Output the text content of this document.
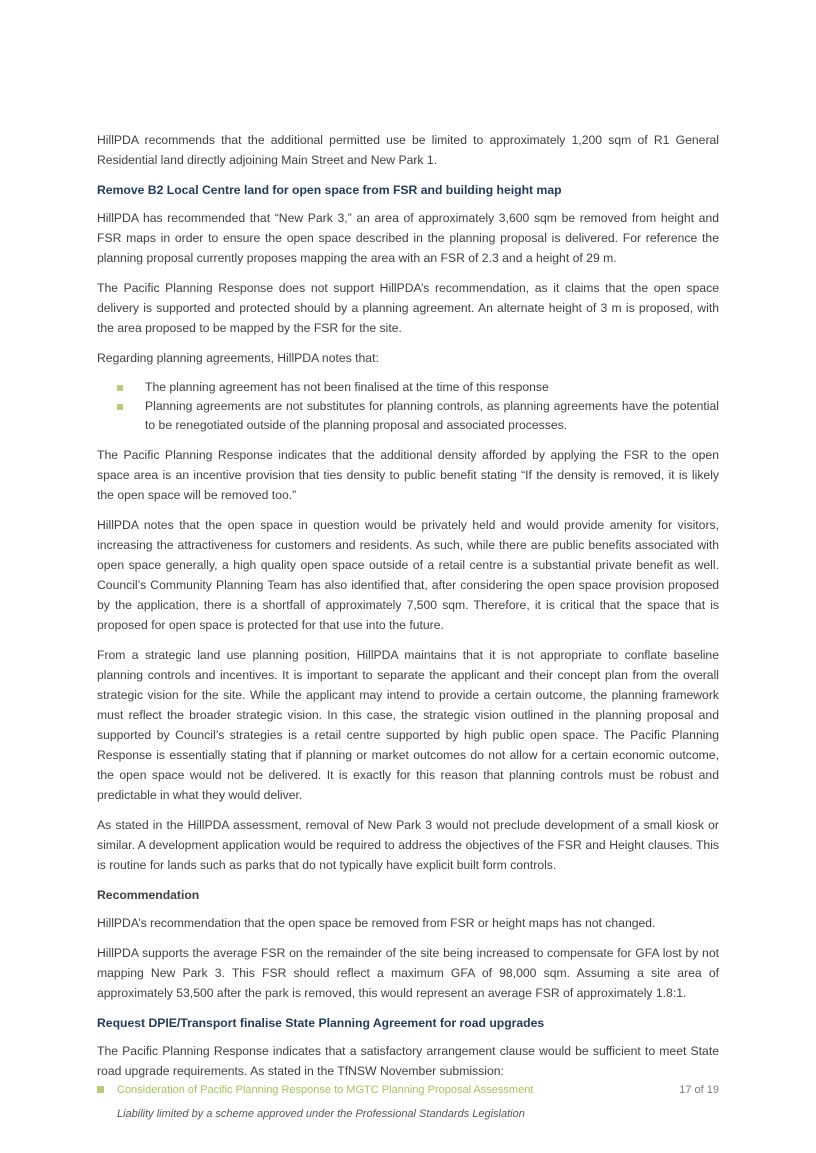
HillPDA recommends that the additional permitted use be limited to approximately 1,200 sqm of R1 General Residential land directly adjoining Main Street and New Park 1.

Remove B2 Local Centre land for open space from FSR and building height map

HillPDA has recommended that “New Park 3,” an area of approximately 3,600 sqm be removed from height and FSR maps in order to ensure the open space described in the planning proposal is delivered. For reference the planning proposal currently proposes mapping the area with an FSR of 2.3 and a height of 29 m.

The Pacific Planning Response does not support HillPDA’s recommendation, as it claims that the open space delivery is supported and protected should by a planning agreement. An alternate height of 3 m is proposed, with the area proposed to be mapped by the FSR for the site.

Regarding planning agreements, HillPDA notes that:

The planning agreement has not been finalised at the time of this response
Planning agreements are not substitutes for planning controls, as planning agreements have the potential to be renegotiated outside of the planning proposal and associated processes.

The Pacific Planning Response indicates that the additional density afforded by applying the FSR to the open space area is an incentive provision that ties density to public benefit stating “If the density is removed, it is likely the open space will be removed too.”

HillPDA notes that the open space in question would be privately held and would provide amenity for visitors, increasing the attractiveness for customers and residents. As such, while there are public benefits associated with open space generally, a high quality open space outside of a retail centre is a substantial private benefit as well. Council’s Community Planning Team has also identified that, after considering the open space provision proposed by the application, there is a shortfall of approximately 7,500 sqm. Therefore, it is critical that the space that is proposed for open space is protected for that use into the future.

From a strategic land use planning position, HillPDA maintains that it is not appropriate to conflate baseline planning controls and incentives. It is important to separate the applicant and their concept plan from the overall strategic vision for the site. While the applicant may intend to provide a certain outcome, the planning framework must reflect the broader strategic vision. In this case, the strategic vision outlined in the planning proposal and supported by Council’s strategies is a retail centre supported by high public open space. The Pacific Planning Response is essentially stating that if planning or market outcomes do not allow for a certain economic outcome, the open space would not be delivered. It is exactly for this reason that planning controls must be robust and predictable in what they would deliver.

As stated in the HillPDA assessment, removal of New Park 3 would not preclude development of a small kiosk or similar. A development application would be required to address the objectives of the FSR and Height clauses. This is routine for lands such as parks that do not typically have explicit built form controls.

Recommendation

HillPDA’s recommendation that the open space be removed from FSR or height maps has not changed.

HillPDA supports the average FSR on the remainder of the site being increased to compensate for GFA lost by not mapping New Park 3. This FSR should reflect a maximum GFA of 98,000 sqm. Assuming a site area of approximately 53,500 after the park is removed, this would represent an average FSR of approximately 1.8:1.

Request DPIE/Transport finalise State Planning Agreement for road upgrades

The Pacific Planning Response indicates that a satisfactory arrangement clause would be sufficient to meet State road upgrade requirements. As stated in the TfNSW November submission:

Consideration of Pacific Planning Response to MGTC Planning Proposal Assessment	17 of 19
Liability limited by a scheme approved under the Professional Standards Legislation
